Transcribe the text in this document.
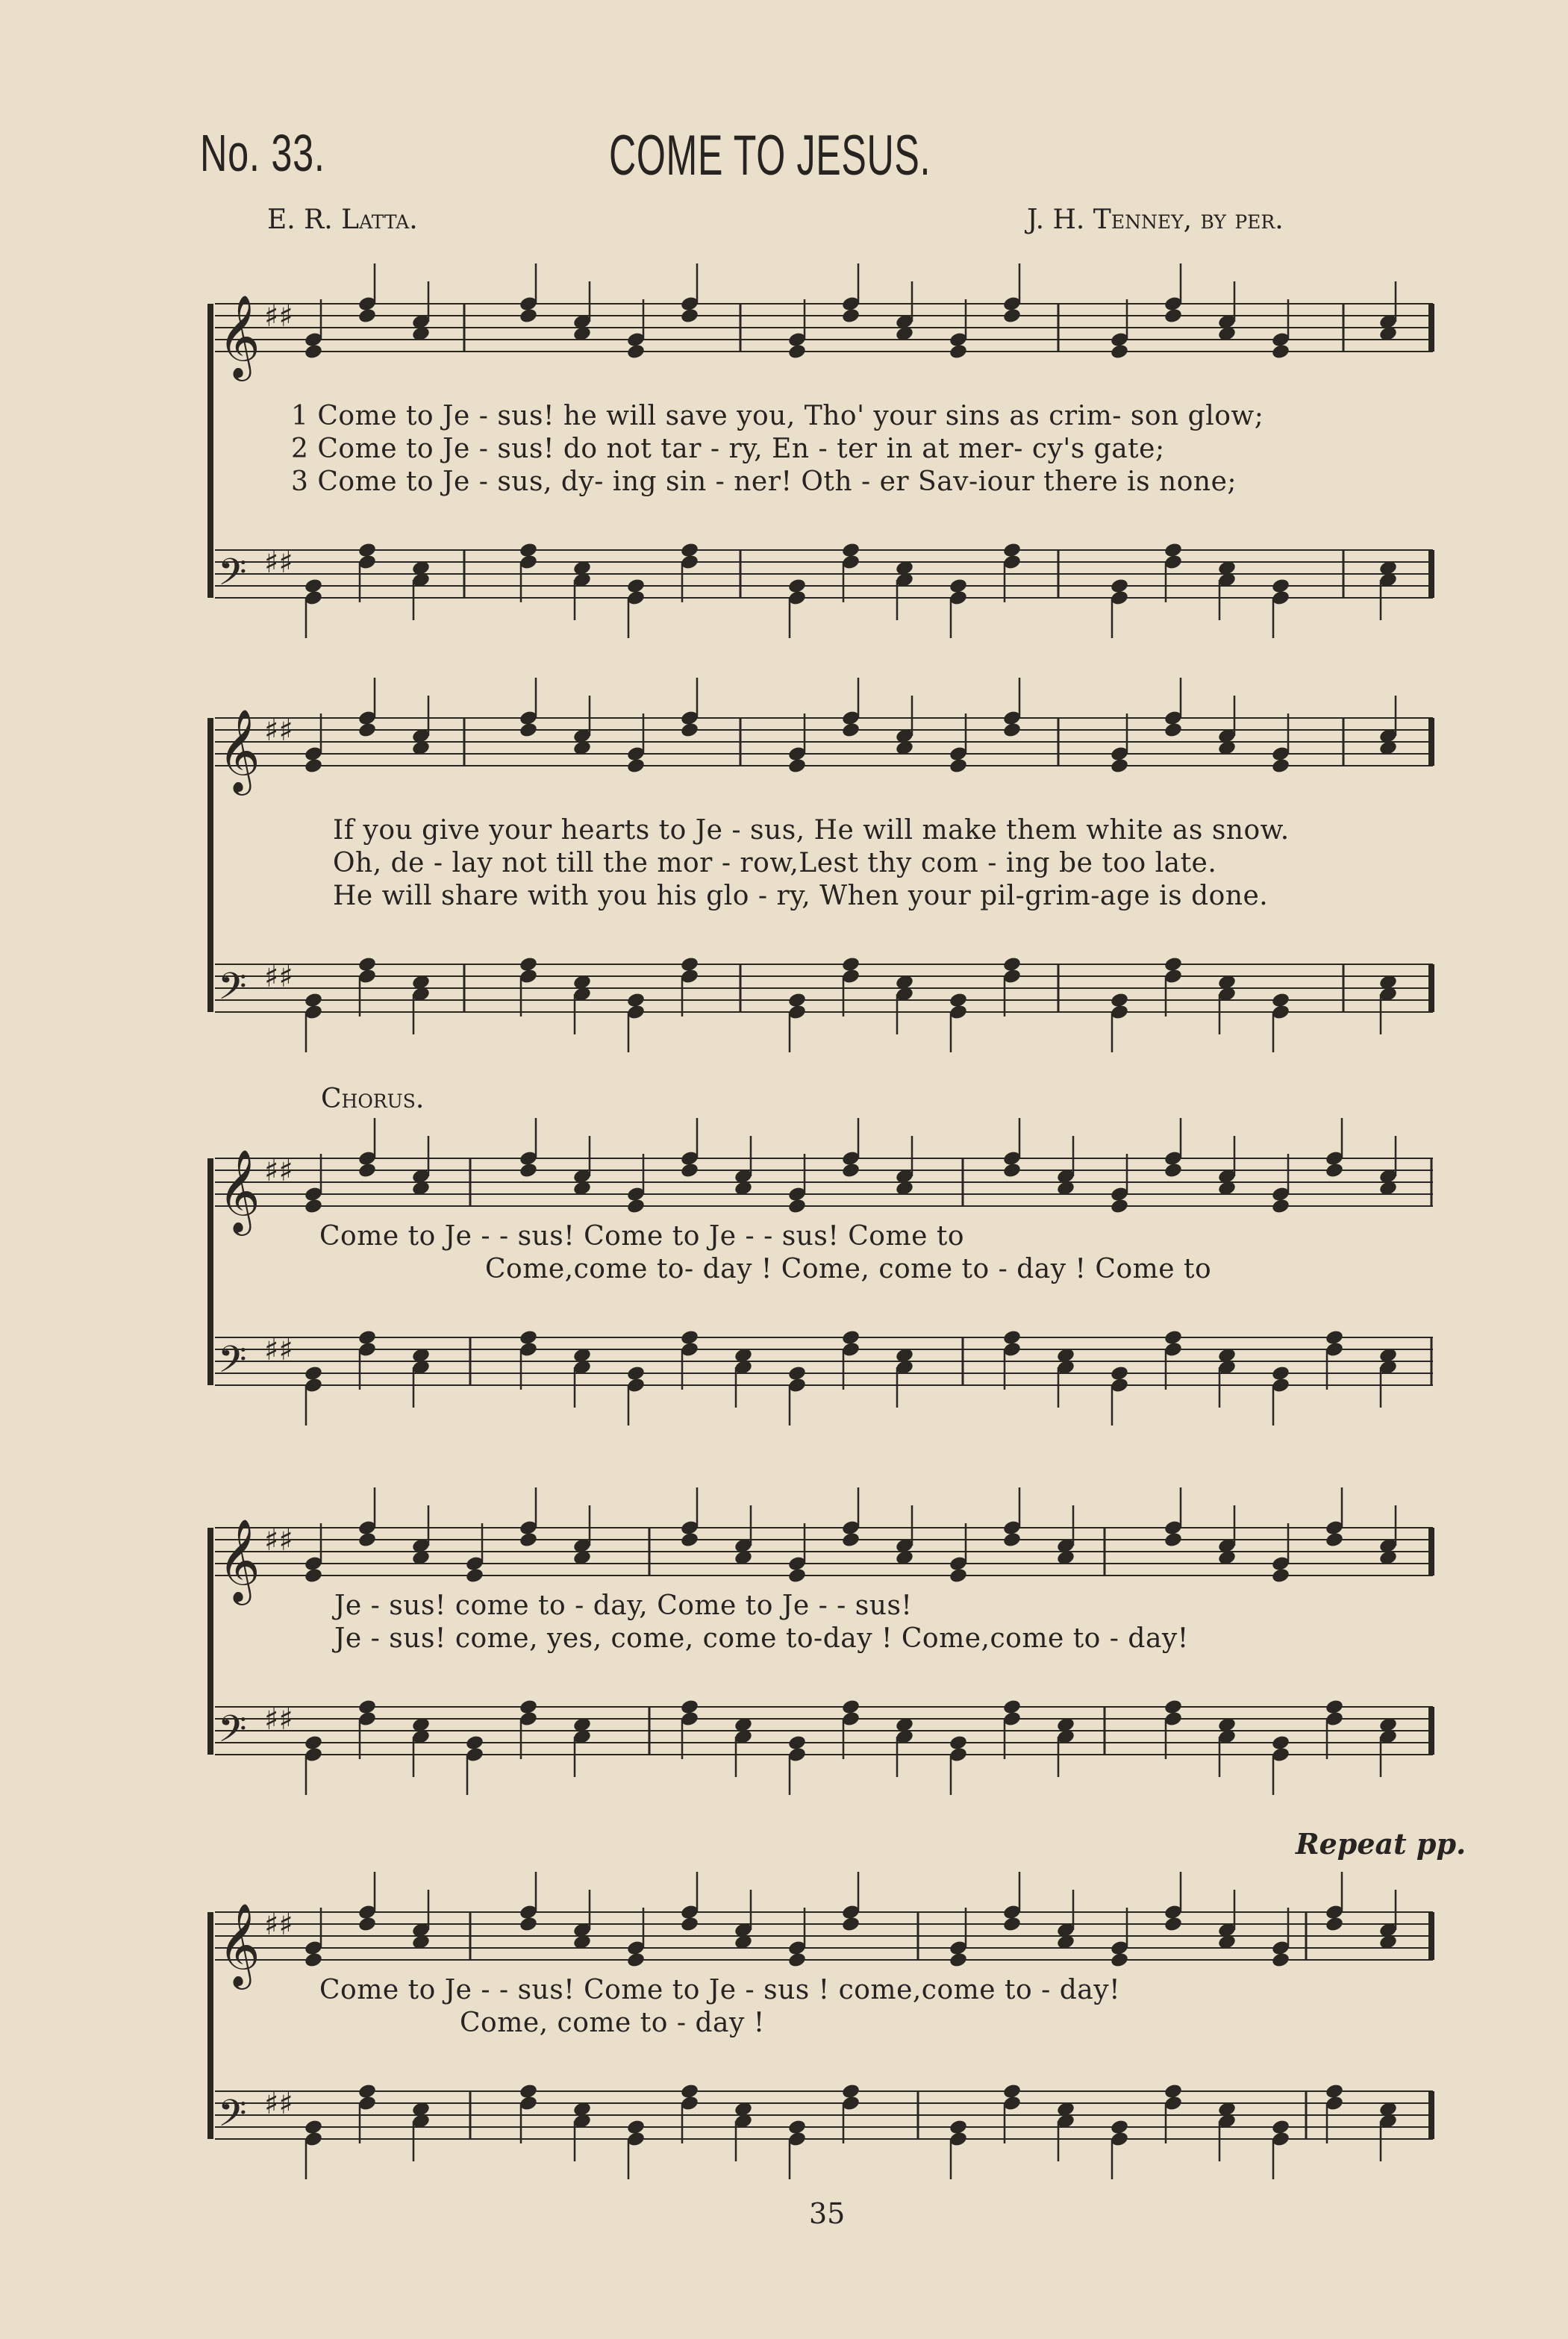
No. 33.	COME TO JESUS.
E. R. Latta.	J. H. Tenney, by per.
𝄞 ♯♯
𝄢 ♯♯
1 Come to Je - sus! he will save you, Tho' your sins as crim- son glow;
2 Come to Je - sus! do not tar - ry, En - ter in at mer- cy's gate;
3 Come to Je - sus, dy- ing sin - ner! Oth - er Sav-iour there is none;
𝄞 ♯♯
𝄢 ♯♯
If you give your hearts to Je - sus, He will make them white as snow.
Oh, de - lay not till the mor - row,Lest thy com - ing be too late.
He will share with you his glo - ry, When your pil-grim-age is done.
Chorus.
𝄞 ♯♯
𝄢 ♯♯
Come to Je - - sus! Come to Je - - sus! Come to
Come,come to- day ! Come, come to - day ! Come to
𝄞 ♯♯
𝄢 ♯♯
Je - sus! come to - day, Come to Je - - sus!
Je - sus! come, yes, come, come to-day ! Come,come to - day!
Repeat pp.
𝄞 ♯♯
𝄢 ♯♯
Come to Je - - sus! Come to Je - sus ! come,come to - day!
Come, come to - day !
35
